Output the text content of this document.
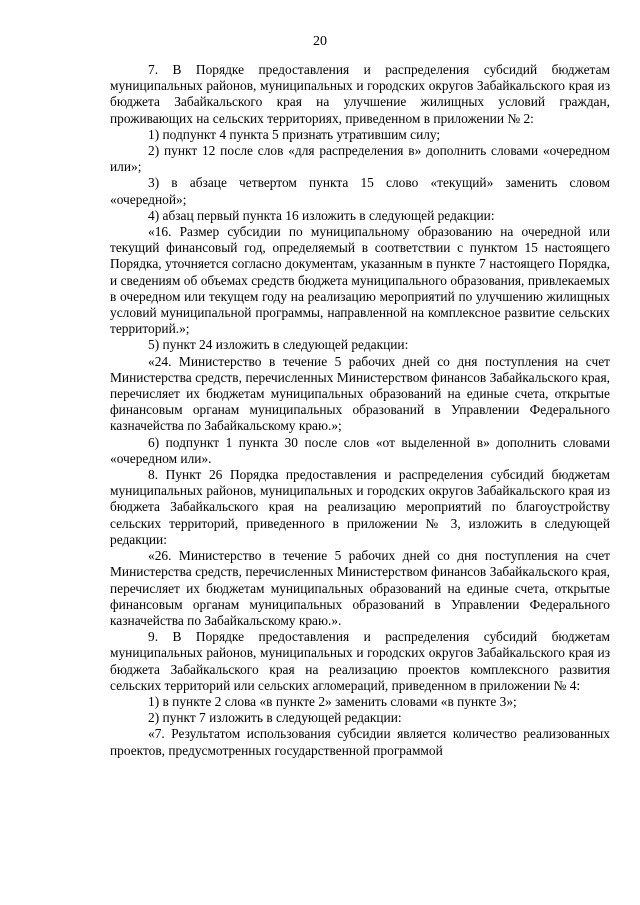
20

7. В Порядке предоставления и распределения субсидий бюджетам муниципальных районов, муниципальных и городских округов Забайкальского края из бюджета Забайкальского края на улучшение жилищных условий граждан, проживающих на сельских территориях, приведенном в приложении № 2:

1) подпункт 4 пункта 5 признать утратившим силу;

2) пункт 12 после слов «для распределения в» дополнить словами «очередном или»;

3) в абзаце четвертом пункта 15 слово «текущий» заменить словом «очередной»;

4) абзац первый пункта 16 изложить в следующей редакции:

«16. Размер субсидии по муниципальному образованию на очередной или текущий финансовый год, определяемый в соответствии с пунктом 15 настоящего Порядка, уточняется согласно документам, указанным в пункте 7 настоящего Порядка, и сведениям об объемах средств бюджета муниципального образования, привлекаемых в очередном или текущем году на реализацию мероприятий по улучшению жилищных условий муниципальной программы, направленной на комплексное развитие сельских территорий.»;

5) пункт 24 изложить в следующей редакции:

«24. Министерство в течение 5 рабочих дней со дня поступления на счет Министерства средств, перечисленных Министерством финансов Забайкальского края, перечисляет их бюджетам муниципальных образований на единые счета, открытые финансовым органам муниципальных образований в Управлении Федерального казначейства по Забайкальскому краю.»;

6) подпункт 1 пункта 30 после слов «от выделенной в» дополнить словами «очередном или».

8. Пункт 26 Порядка предоставления и распределения субсидий бюджетам муниципальных районов, муниципальных и городских округов Забайкальского края из бюджета Забайкальского края на реализацию мероприятий по благоустройству сельских территорий, приведенного в приложении № 3, изложить в следующей редакции:

«26. Министерство в течение 5 рабочих дней со дня поступления на счет Министерства средств, перечисленных Министерством финансов Забайкальского края, перечисляет их бюджетам муниципальных образований на единые счета, открытые финансовым органам муниципальных образований в Управлении Федерального казначейства по Забайкальскому краю.».

9. В Порядке предоставления и распределения субсидий бюджетам муниципальных районов, муниципальных и городских округов Забайкальского края из бюджета Забайкальского края на реализацию проектов комплексного развития сельских территорий или сельских агломераций, приведенном в приложении № 4:

1) в пункте 2 слова «в пункте 2» заменить словами «в пункте 3»;

2) пункт 7 изложить в следующей редакции:

«7. Результатом использования субсидии является количество реализованных проектов, предусмотренных государственной программой
